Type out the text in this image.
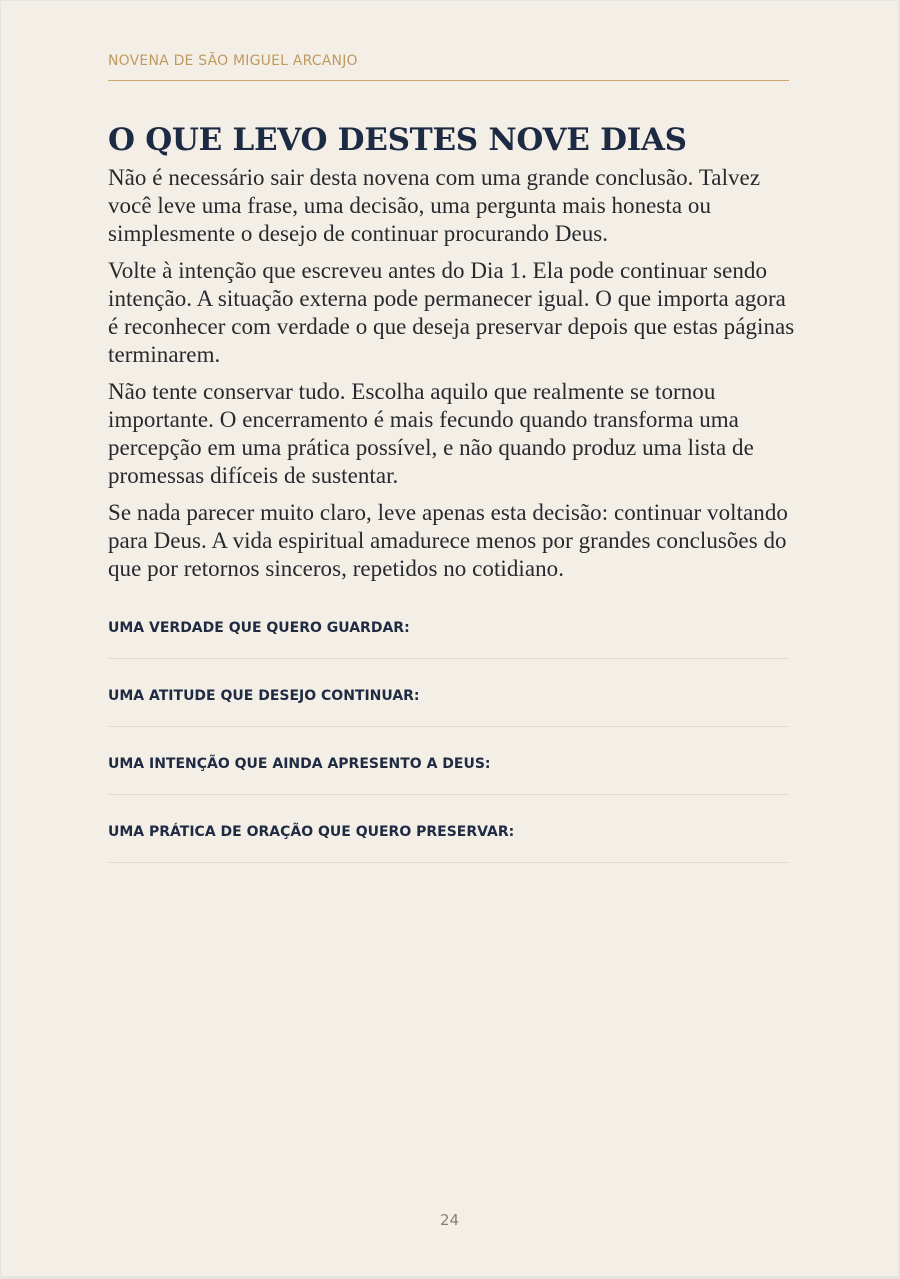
NOVENA DE SÃO MIGUEL ARCANJO
O QUE LEVO DESTES NOVE DIAS

Não é necessário sair desta novena com uma grande conclusão. Talvez você leve uma frase, uma decisão, uma pergunta mais honesta ou simplesmente o desejo de continuar procurando Deus.

Volte à intenção que escreveu antes do Dia 1. Ela pode continuar sendo intenção. A situação externa pode permanecer igual. O que importa agora é reconhecer com verdade o que deseja preservar depois que estas páginas terminarem.

Não tente conservar tudo. Escolha aquilo que realmente se tornou importante. O encerramento é mais fecundo quando transforma uma percepção em uma prática possível, e não quando produz uma lista de promessas difíceis de sustentar.

Se nada parecer muito claro, leve apenas esta decisão: continuar voltando para Deus. A vida espiritual amadurece menos por grandes conclusões do que por retornos sinceros, repetidos no cotidiano.

UMA VERDADE QUE QUERO GUARDAR:
UMA ATITUDE QUE DESEJO CONTINUAR:
UMA INTENÇÃO QUE AINDA APRESENTO A DEUS:
UMA PRÁTICA DE ORAÇÃO QUE QUERO PRESERVAR:
24
